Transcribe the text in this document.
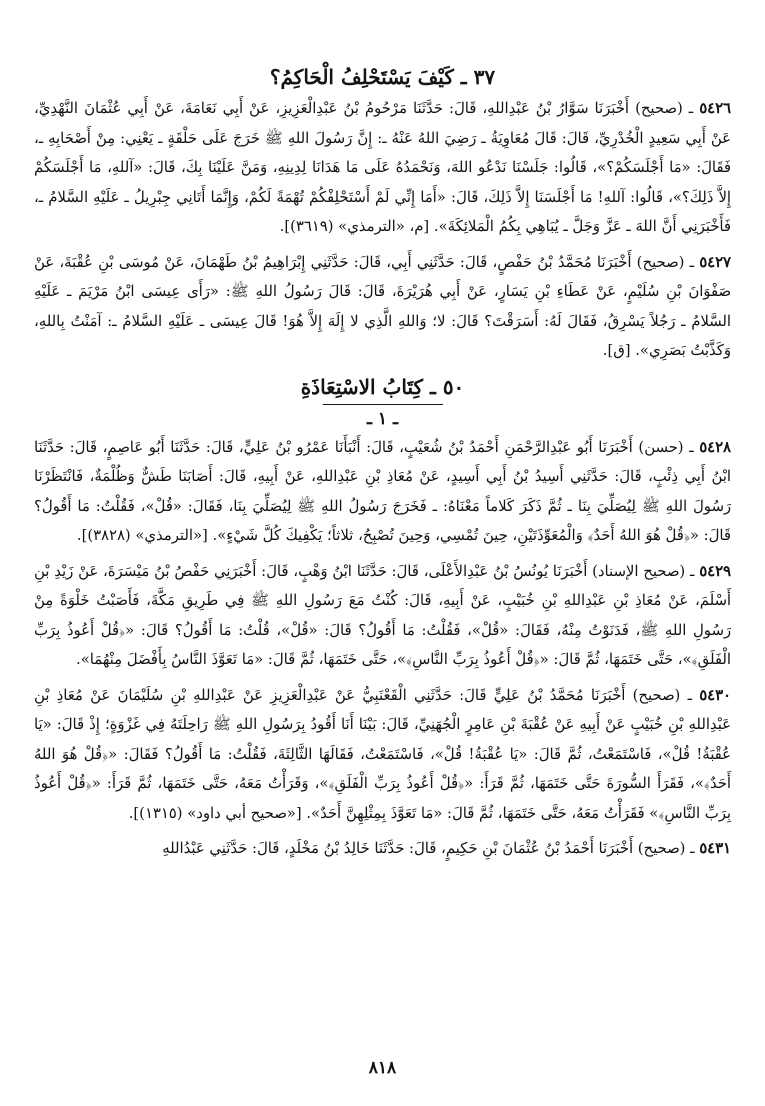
٣٧ ـ كَيْفَ يَسْتَحْلِفُ الْحَاكِمُ؟

٥٤٢٦ ـ (صحيح) أَخْبَرَنَا سَوَّارُ بْنُ عَبْدِاللهِ، قَالَ: حَدَّثَنَا مَرْحُومُ بْنُ عَبْدِالْعَزِيزِ، عَنْ أَبِي نَعَامَةَ، عَنْ أَبِي عُثْمَانَ النَّهْدِيِّ، عَنْ أَبِي سَعِيدٍ الْخُدْرِيِّ، قَالَ: قَالَ مُعَاوِيَةُ ـ رَضِيَ اللهُ عَنْهُ ـ: إِنَّ رَسُولَ اللهِ ﷺ خَرَجَ عَلَى حَلْقَةٍ ـ يَعْنِي: مِنْ أَصْحَابِهِ ـ، فَقَالَ: «مَا أَجْلَسَكُمْ؟»، قَالُوا: جَلَسْنَا نَدْعُو اللهَ، وَنَحْمَدُهُ عَلَى مَا هَدَانَا لِدِينِهِ، وَمَنَّ عَلَيْنَا بِكَ، قَالَ: «آللهِ، مَا أَجْلَسَكُمْ إِلاَّ ذَلِكَ؟»، قَالُوا: آللهِ! مَا أَجْلَسَنَا إِلاَّ ذَلِكَ، قَالَ: «أَمَا إِنِّي لَمْ أَسْتَحْلِفْكُمْ تُهْمَةً لَكُمْ، وَإِنَّمَا أَتَانِي جِبْرِيلُ ـ عَلَيْهِ السَّلامُ ـ، فَأَخْبَرَنِي أَنَّ اللهَ ـ عَزَّ وَجَلَّ ـ يُبَاهِي بِكُمُ الْمَلائِكَةَ». [م، «الترمذي» (٣٦١٩)].

٥٤٢٧ ـ (صحيح) أَخْبَرَنَا مُحَمَّدُ بْنُ حَفْصٍ، قَالَ: حَدَّثَنِي أَبِي، قَالَ: حَدَّثَنِي إِبْرَاهِيمُ بْنُ طَهْمَانَ، عَنْ مُوسَى بْنِ عُقْبَةَ، عَنْ صَفْوَانَ بْنِ سُلَيْمٍ، عَنْ عَطَاءِ بْنِ يَسَارٍ، عَنْ أَبِي هُرَيْرَةَ، قَالَ: قَالَ رَسُولُ اللهِ ﷺ: «رَأَى عِيسَى ابْنُ مَرْيَمَ ـ عَلَيْهِ السَّلامُ ـ رَجُلاً يَسْرِقُ، فَقَالَ لَهُ: أَسَرَقْتَ؟ قَالَ: لا؛ وَاللهِ الَّذِي لا إِلَهَ إِلاَّ هُوَ! قَالَ عِيسَى ـ عَلَيْهِ السَّلامُ ـ: آمَنْتُ بِاللهِ، وَكَذَّبْتُ بَصَرِي». [ق].

٥٠ ـ كِتَابُ الاسْتِعَاذَةِ
ـ ١ ـ

٥٤٢٨ ـ (حسن) أَخْبَرَنَا أَبُو عَبْدِالرَّحْمَنِ أَحْمَدُ بْنُ شُعَيْبٍ، قَالَ: أَنْبَأَنَا عَمْرُو بْنُ عَلِيٍّ، قَالَ: حَدَّثَنَا أَبُو عَاصِمٍ، قَالَ: حَدَّثَنَا ابْنُ أَبِي ذِئْبٍ، قَالَ: حَدَّثَنِي أَسِيدُ بْنُ أَبِي أَسِيدٍ، عَنْ مُعَاذِ بْنِ عَبْدِاللهِ، عَنْ أَبِيهِ، قَالَ: أَصَابَنَا طَشٌّ وَظُلْمَةٌ، فَانْتَظَرْنَا رَسُولَ اللهِ ﷺ لِيُصَلِّيَ بِنَا ـ ثُمَّ ذَكَرَ كَلاماً مَعْنَاهُ: ـ فَخَرَجَ رَسُولُ اللهِ ﷺ لِيُصَلِّيَ بِنَا، فَقَالَ: «قُلْ»، فَقُلْتُ: مَا أَقُولُ؟ قَالَ: «﴿قُلْ هُوَ اللهُ أَحَدٌ﴾ وَالْمُعَوِّذَتَيْنِ، حِينَ تُمْسِي، وَحِينَ تُصْبِحُ، ثلاثاً؛ يَكْفِيكَ كُلَّ شَيْءٍ». [«الترمذي» (٣٨٢٨)].

٥٤٢٩ ـ (صحيح الإسناد) أَخْبَرَنَا يُونُسُ بْنُ عَبْدِالأَعْلَى، قَالَ: حَدَّثَنَا ابْنُ وَهْبٍ، قَالَ: أَخْبَرَنِي حَفْصُ بْنُ مَيْسَرَةَ، عَنْ زَيْدِ بْنِ أَسْلَمَ، عَنْ مُعَاذِ بْنِ عَبْدِاللهِ بْنِ خُبَيْبٍ، عَنْ أَبِيهِ، قَالَ: كُنْتُ مَعَ رَسُولِ اللهِ ﷺ فِي طَرِيقِ مَكَّةَ، فَأَصَبْتُ خَلْوَةً مِنْ رَسُولِ اللهِ ﷺ، فَدَنَوْتُ مِنْهُ، فَقَالَ: «قُلْ»، فَقُلْتُ: مَا أَقُولُ؟ قَالَ: «قُلْ»، قُلْتُ: مَا أَقُولُ؟ قَالَ: «﴿قُلْ أَعُوذُ بِرَبِّ الْفَلَقِ﴾»، حَتَّى خَتَمَهَا، ثُمَّ قَالَ: «﴿قُلْ أَعُوذُ بِرَبِّ النَّاسِ﴾»، حَتَّى خَتَمَهَا، ثُمَّ قَالَ: «مَا تَعَوَّذَ النَّاسُ بِأَفْضَلَ مِنْهُمَا».

٥٤٣٠ ـ (صحيح) أَخْبَرَنَا مُحَمَّدُ بْنُ عَلِيٍّ قَالَ: حَدَّثَنِي الْقَعْنَبِيُّ عَنْ عَبْدِالْعَزِيزِ عَنْ عَبْدِاللهِ بْنِ سُلَيْمَانَ عَنْ مُعَاذِ بْنِ عَبْدِاللهِ بْنِ خُبَيْبٍ عَنْ أَبِيهِ عَنْ عُقْبَةَ بْنِ عَامِرٍ الْجُهَنِيِّ، قَالَ: بَيْنَا أَنَا أَقُودُ بِرَسُولِ اللهِ ﷺ رَاحِلَتَهُ فِي غَزْوَةٍ؛ إِذْ قَالَ: «يَا عُقْبَةُ! قُلْ»، فَاسْتَمَعْتُ، ثُمَّ قَالَ: «يَا عُقْبَةُ! قُلْ»، فَاسْتَمَعْتُ، فَقَالَهَا الثَّالِثَةَ، فَقُلْتُ: مَا أَقُولُ؟ فَقَالَ: «﴿قُلْ هُوَ اللهُ أَحَدٌ﴾»، فَقَرَأَ السُّورَةَ حَتَّى خَتَمَهَا، ثُمَّ قَرَأَ: «﴿قُلْ أَعُوذُ بِرَبِّ الْفَلَقِ﴾»، وَقَرَأْتُ مَعَهُ، حَتَّى خَتَمَهَا، ثُمَّ قَرَأَ: «﴿قُلْ أَعُوذُ بِرَبِّ النَّاسِ﴾» فَقَرَأْتُ مَعَهُ، حَتَّى خَتَمَهَا، ثُمَّ قَالَ: «مَا تَعَوَّذَ بِمِثْلِهِنَّ أَحَدٌ». [«صحيح أبي داود» (١٣١٥)].

٥٤٣١ ـ (صحيح) أَخْبَرَنَا أَحْمَدُ بْنُ عُثْمَانَ بْنِ حَكِيمٍ، قَالَ: حَدَّثَنَا خَالِدُ بْنُ مَخْلَدٍ، قَالَ: حَدَّثَنِي عَبْدُاللهِ

٨١٨
